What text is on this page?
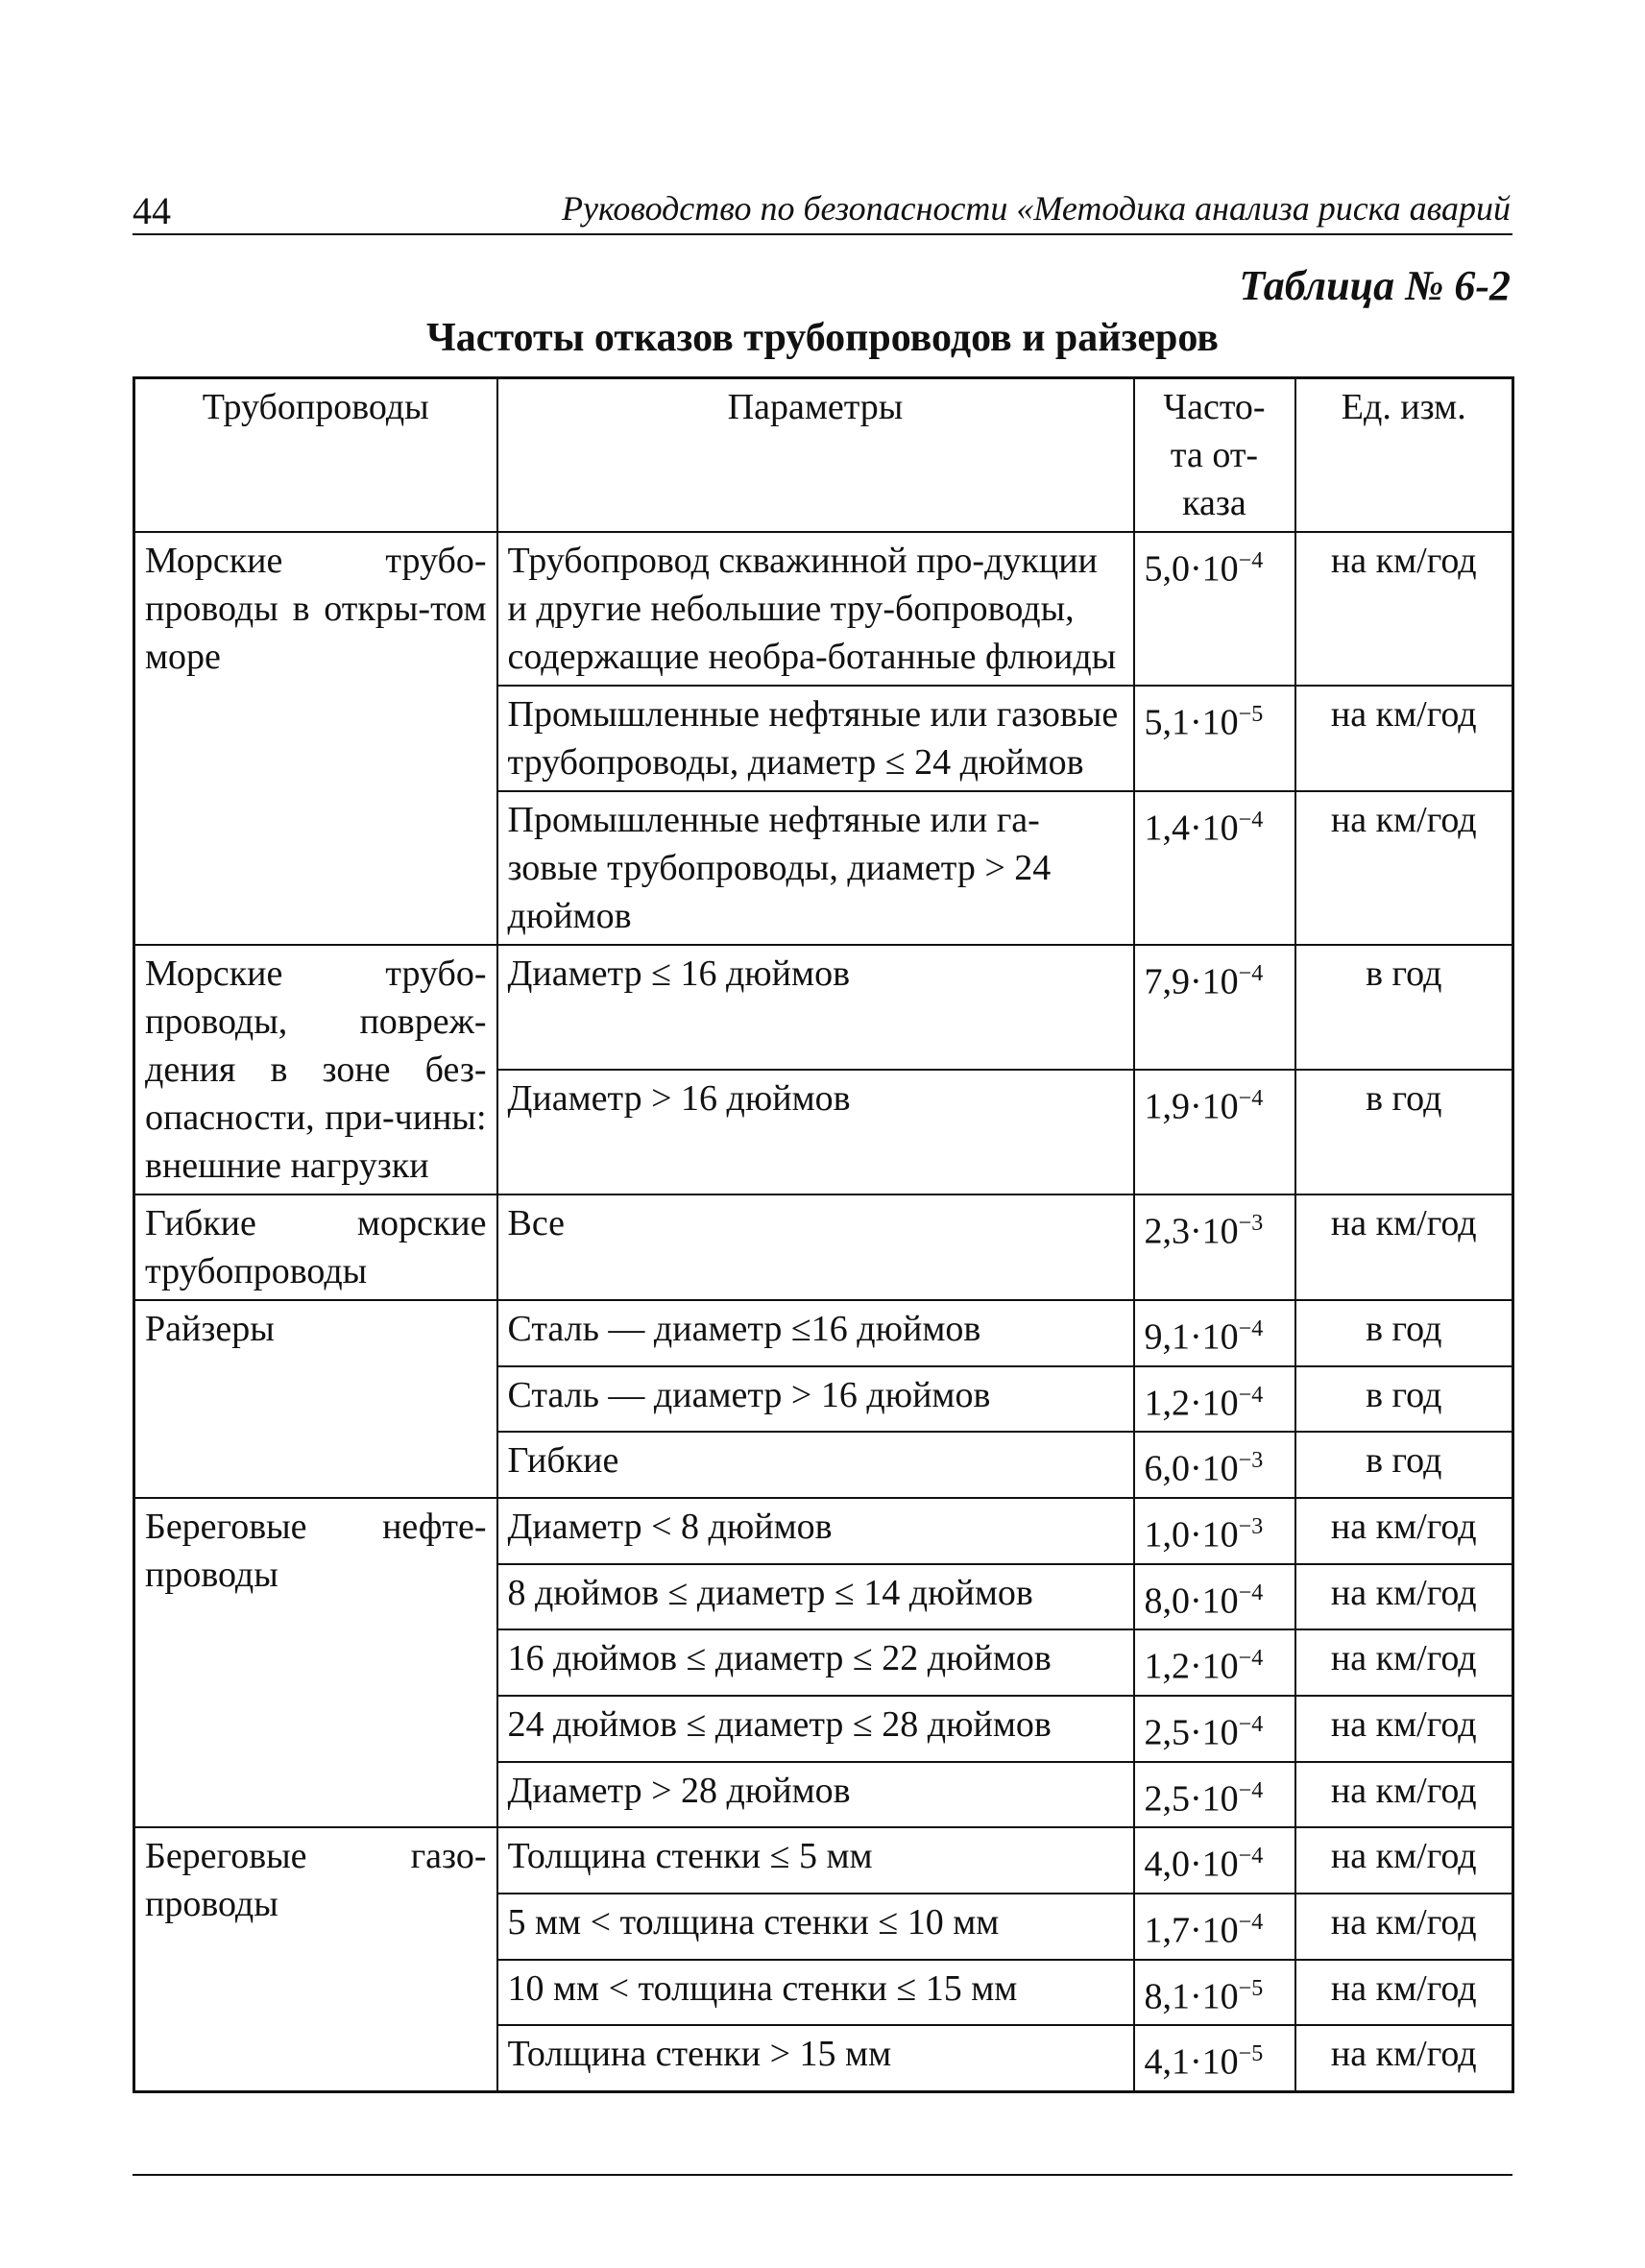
44	Руководство по безопасности «Методика анализа риска аварий
Таблица № 6-2
Частоты отказов трубопроводов и райзеров
Трубопроводы	Параметры	Часто-
та от-
каза	Ед. изм.
Морские трубо-проводы в откры-том море	Трубопровод скважинной про-дукции и другие небольшие тру-бопроводы, содержащие необра-ботанные флюиды	$5,0\cdot 10^{-4}$	на км/год
	Промышленные нефтяные или газовые трубопроводы, диаметр ≤ 24 дюймов	$5,1\cdot 10^{-5}$	на км/год
	Промышленные нефтяные или га-зовые трубопроводы, диаметр > 24 дюймов	$1,4\cdot 10^{-4}$	на км/год
Морские трубо-проводы, повреж-дения в зоне без-опасности, при-чины: внешние нагрузки	Диаметр ≤ 16 дюймов	$7,9\cdot 10^{-4}$	в год
	Диаметр > 16 дюймов	$1,9\cdot 10^{-4}$	в год
Гибкие морские трубопроводы	Все	$2,3\cdot 10^{-3}$	на км/год
Райзеры	Сталь — диаметр ≤16 дюймов	$9,1\cdot 10^{-4}$	в год
	Сталь — диаметр > 16 дюймов	$1,2\cdot 10^{-4}$	в год
	Гибкие	$6,0\cdot 10^{-3}$	в год
Береговые нефте-проводы	Диаметр < 8 дюймов	$1,0\cdot 10^{-3}$	на км/год
	8 дюймов ≤ диаметр ≤ 14 дюймов	$8,0\cdot 10^{-4}$	на км/год
	16 дюймов ≤ диаметр ≤ 22 дюймов	$1,2\cdot 10^{-4}$	на км/год
	24 дюймов ≤ диаметр ≤ 28 дюймов	$2,5\cdot 10^{-4}$	на км/год
	Диаметр > 28 дюймов	$2,5\cdot 10^{-4}$	на км/год
Береговые газо-проводы	Толщина стенки ≤ 5 мм	$4,0\cdot 10^{-4}$	на км/год
	5 мм < толщина стенки ≤ 10 мм	$1,7\cdot 10^{-4}$	на км/год
	10 мм < толщина стенки ≤ 15 мм	$8,1\cdot 10^{-5}$	на км/год
	Толщина стенки > 15 мм	$4,1\cdot 10^{-5}$	на км/год
